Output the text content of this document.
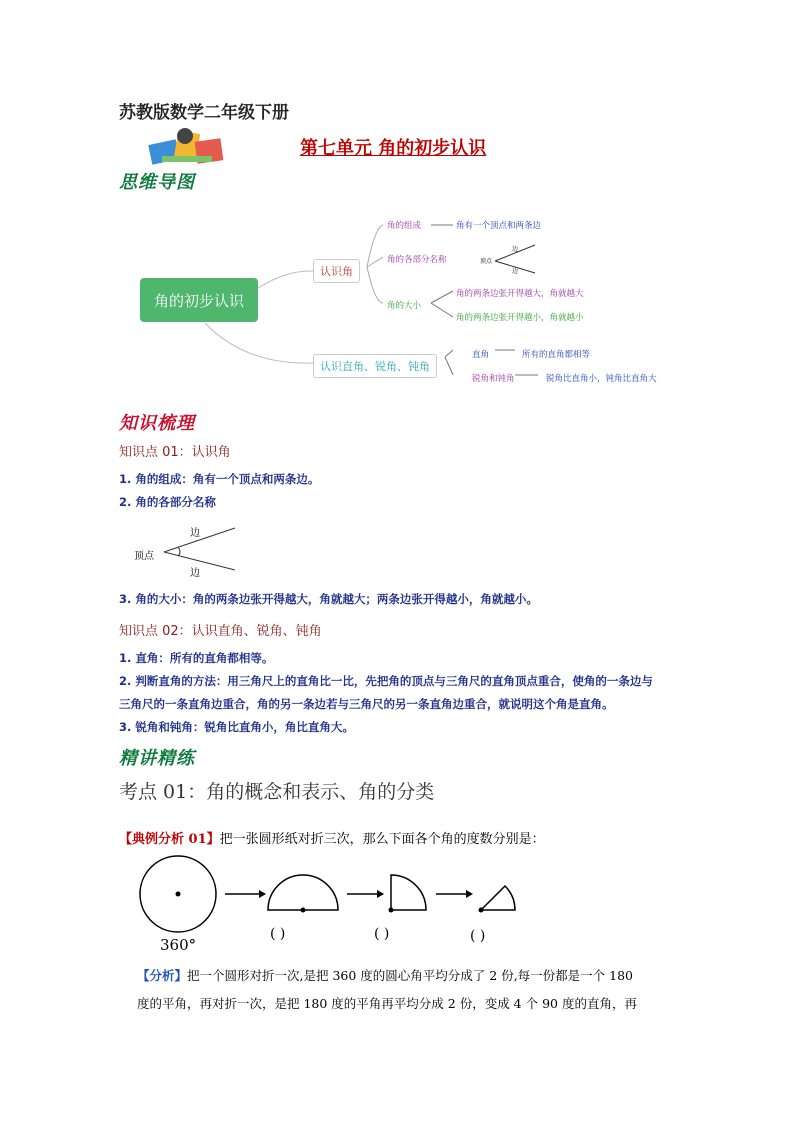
苏教版数学二年级下册
第七单元 角的初步认识
思维导图
角的初步认识
认识角
认识直角、锐角、钝角
角的组成	角有一个顶点和两条边
角的各部分名称	顶点
边
边
角的大小
角的两条边张开得越大，角就越大
角的两条边张开得越小，角就越小
直角	所有的直角都相等
锐角和钝角	锐角比直角小，钝角比直角大
知识梳理
知识点 01：认识角
1. 角的组成：角有一个顶点和两条边。
2. 角的各部分名称
顶点
边
边
3. 角的大小：角的两条边张开得越大，角就越大；两条边张开得越小，角就越小。
知识点 02：认识直角、锐角、钝角
1. 直角：所有的直角都相等。
2. 判断直角的方法：用三角尺上的直角比一比，先把角的顶点与三角尺的直角顶点重合，使角的一条边与
三角尺的一条直角边重合，角的另一条边若与三角尺的另一条直角边重合，就说明这个角是直角。
3. 锐角和钝角：锐角比直角小，角比直角大。
精讲精练
考点 01：角的概念和表示、角的分类
【典例分析 01】把一张圆形纸对折三次，那么下面各个角的度数分别是：
360°
( )	( )	( )
【分析】把一个圆形对折一次,是把 360 度的圆心角平均分成了 2 份,每一份都是一个 180
度的平角，再对折一次，是把 180 度的平角再平均分成 2 份，变成 4 个 90 度的直角，再
